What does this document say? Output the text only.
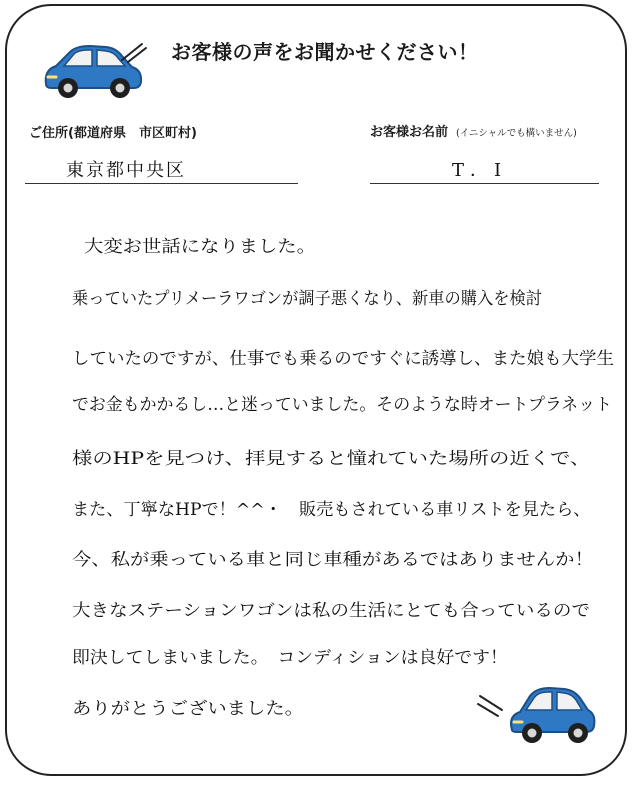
お客様の声をお聞かせください！
ご住所(都道府県　市区町村)	お客様お名前 (イニシャルでも構いません)
東京都中央区	T．I
大変お世話になりました。
乗っていたプリメーラワゴンが調子悪くなり、新車の購入を検討
していたのですが、仕事でも乗るのですぐに誘導し、また娘も大学生
でお金もかかるし…と迷っていました。そのような時オートプラネット
様のHPを見つけ、拝見すると憧れていた場所の近くで、
また、丁寧なHPで！^^・　販売もされている車リストを見たら、
今、私が乗っている車と同じ車種があるではありませんか！
大きなステーションワゴンは私の生活にとても合っているので
即決してしまいました。　コンディションは良好です！
ありがとうございました。
